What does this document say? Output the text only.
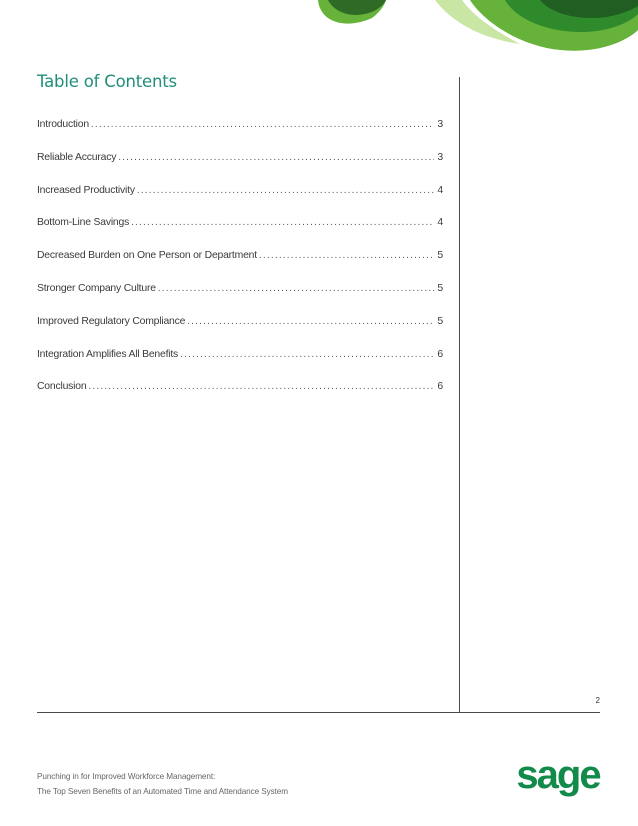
Table of Contents
Introduction .....	3
Reliable Accuracy .....	3
Increased Productivity .....	4
Bottom-Line Savings .....	4
Decreased Burden on One Person or Department .....	5
Stronger Company Culture .....	5
Improved Regulatory Compliance .....	5
Integration Amplifies All Benefits .....	6
Conclusion .....	6
2
Punching in for Improved Workforce Management:
The Top Seven Benefits of an Automated Time and Attendance System	sage
